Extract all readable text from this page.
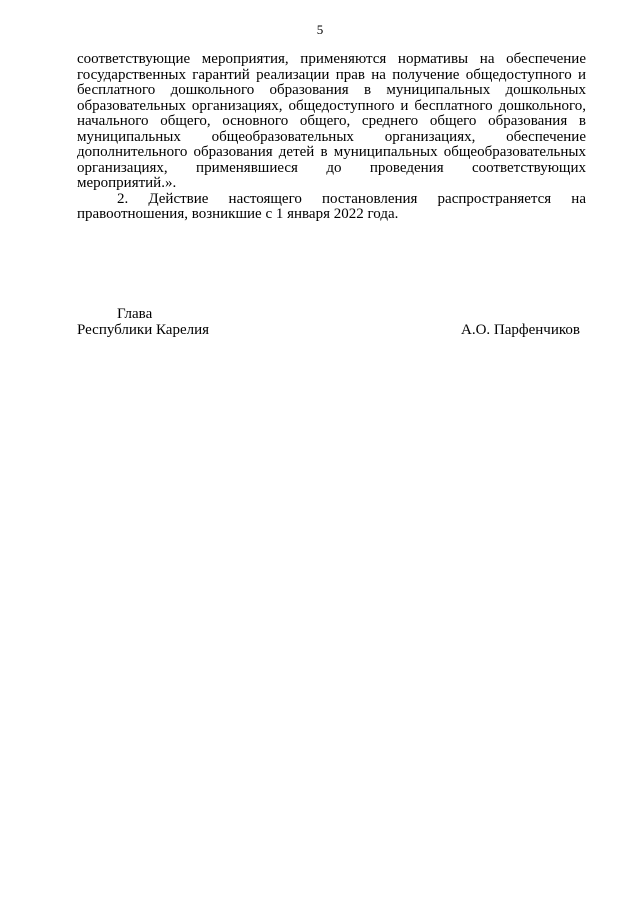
5

соответствующие мероприятия, применяются нормативы на обеспечение государственных гарантий реализации прав на получение общедоступного и бесплатного дошкольного образования в муниципальных дошкольных образовательных организациях, общедоступного и бесплатного дошкольного, начального общего, основного общего, среднего общего образования в муниципальных общеобразовательных организациях, обеспечение дополнительного образования детей в муниципальных общеобразовательных организациях, применявшиеся до проведения соответствующих мероприятий.».

2. Действие настоящего постановления распространяется на правоотношения, возникшие с 1 января 2022 года.

Глава
Республики Карелия	А.О. Парфенчиков
